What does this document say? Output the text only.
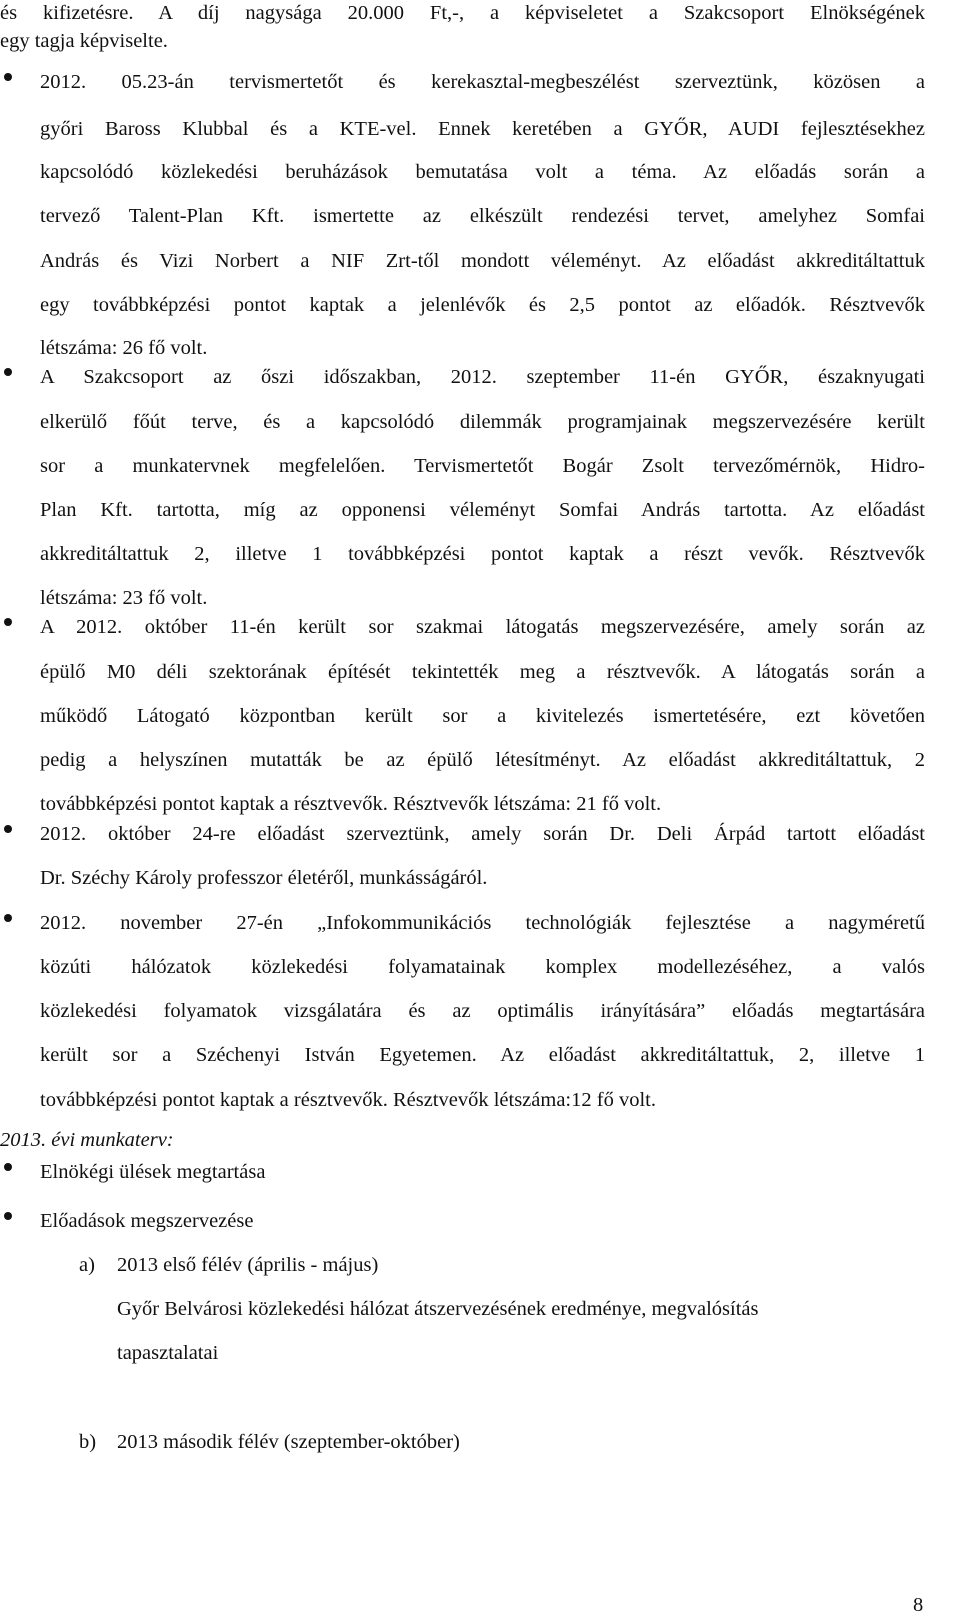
és kifizetésre. A díj nagysága 20.000 Ft,-, a képviseletet a Szakcsoport Elnökségének

egy tagja képviselte.

2012. 05.23-án tervismertetőt és kerekasztal-megbeszélést szerveztünk, közösen a

győri Baross Klubbal és a KTE-vel. Ennek keretében a GYŐR, AUDI fejlesztésekhez

kapcsolódó közlekedési beruházások bemutatása volt a téma. Az előadás során a

tervező Talent-Plan Kft. ismertette az elkészült rendezési tervet, amelyhez Somfai

András és Vizi Norbert a NIF Zrt-től mondott véleményt. Az előadást akkreditáltattuk

egy továbbképzési pontot kaptak a jelenlévők és 2,5 pontot az előadók. Résztvevők

létszáma: 26 fő volt.

A Szakcsoport az őszi időszakban, 2012. szeptember 11-én GYŐR, északnyugati

elkerülő főút terve, és a kapcsolódó dilemmák programjainak megszervezésére került

sor a munkatervnek megfelelően. Tervismertetőt Bogár Zsolt tervezőmérnök, Hidro-

Plan Kft. tartotta, míg az opponensi véleményt Somfai András tartotta. Az előadást

akkreditáltattuk 2, illetve 1 továbbképzési pontot kaptak a részt vevők. Résztvevők

létszáma: 23 fő volt.

A 2012. október 11-én került sor szakmai látogatás megszervezésére, amely során az

épülő M0 déli szektorának építését tekintették meg a résztvevők. A látogatás során a

működő Látogató központban került sor a kivitelezés ismertetésére, ezt követően

pedig a helyszínen mutatták be az épülő létesítményt. Az előadást akkreditáltattuk, 2

továbbképzési pontot kaptak a résztvevők. Résztvevők létszáma: 21 fő volt.

2012. október 24-re előadást szerveztünk, amely során Dr. Deli Árpád tartott előadást

Dr. Széchy Károly professzor életéről, munkásságáról.

2012. november 27-én „Infokommunikációs technológiák fejlesztése a nagyméretű

közúti hálózatok közlekedési folyamatainak komplex modellezéséhez, a valós

közlekedési folyamatok vizsgálatára és az optimális irányítására” előadás megtartására

került sor a Széchenyi István Egyetemen. Az előadást akkreditáltattuk, 2, illetve 1

továbbképzési pontot kaptak a résztvevők. Résztvevők létszáma:12 fő volt.

2013. évi munkaterv:

Elnökégi ülések megtartása

Előadások megszervezése

a) 2013 első félév (április - május)

Győr Belvárosi közlekedési hálózat átszervezésének eredménye, megvalósítás

tapasztalatai

b) 2013 második félév (szeptember-október)

8
